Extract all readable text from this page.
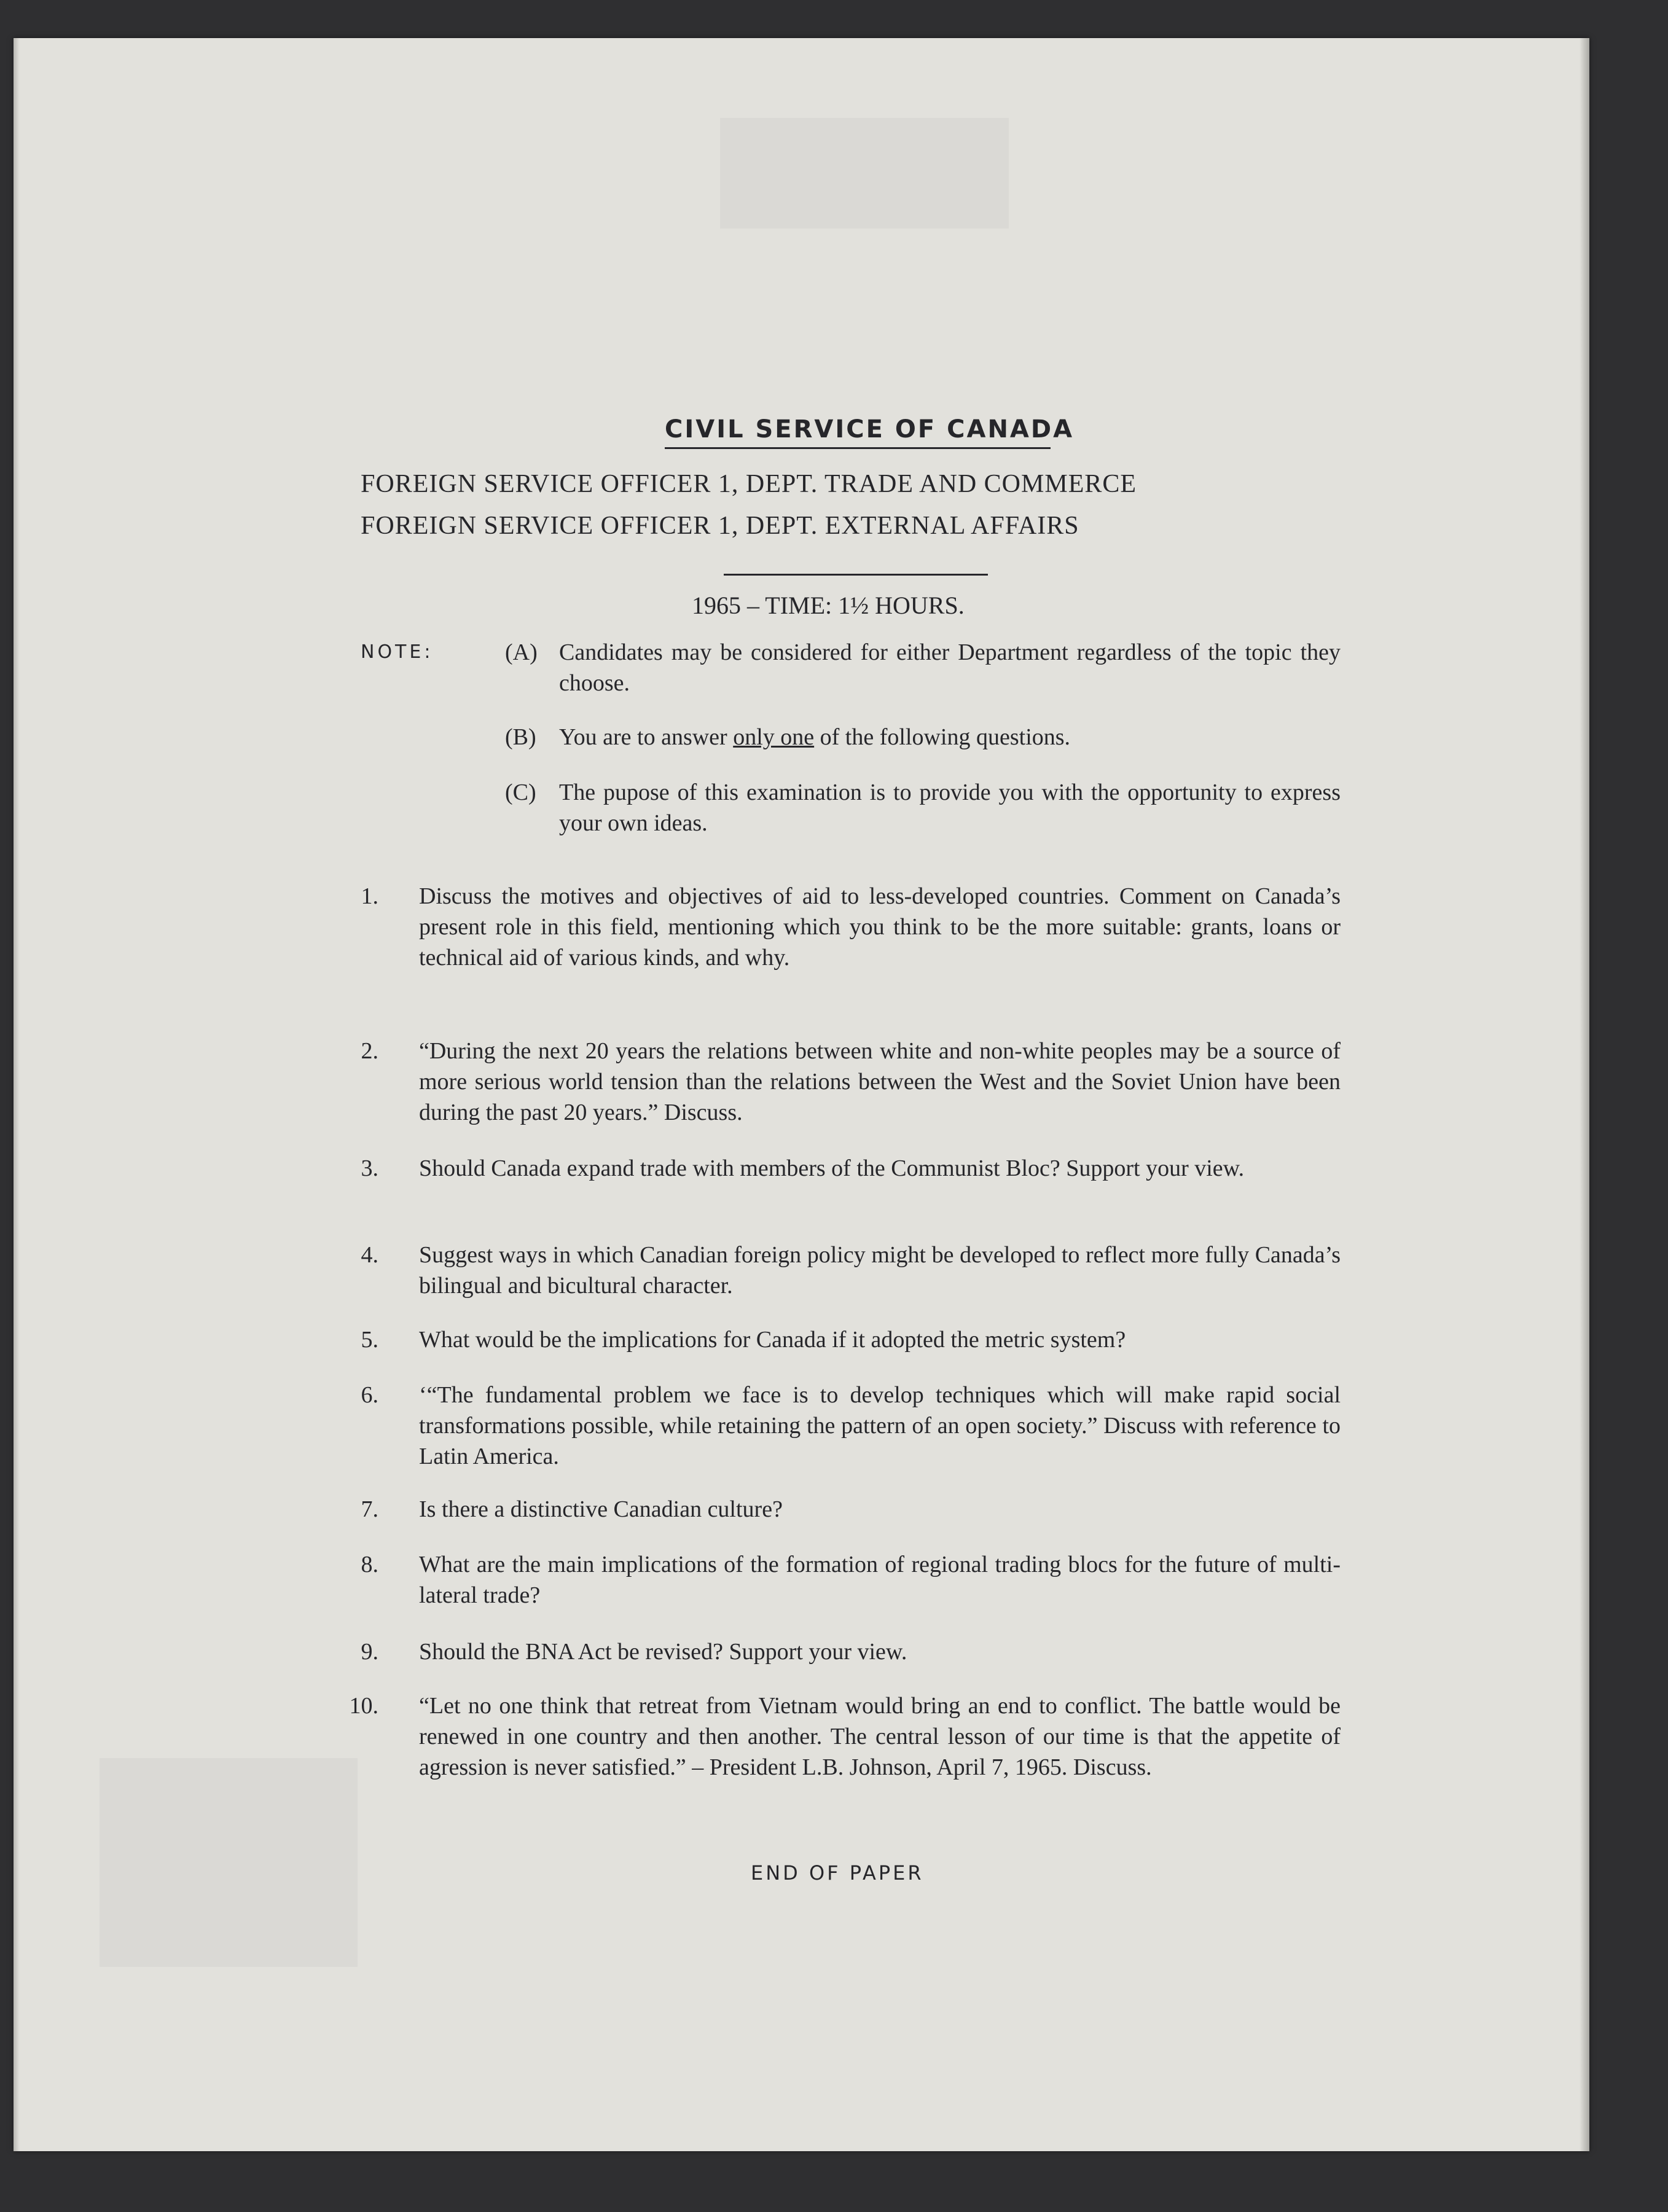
CIVIL SERVICE OF CANADA
FOREIGN SERVICE OFFICER 1, DEPT. TRADE AND COMMERCE
FOREIGN SERVICE OFFICER 1, DEPT. EXTERNAL AFFAIRS
1965 – TIME: 1½ HOURS.
NOTE:	(A) Candidates may be considered for either Department regardless of the topic they choose.
(B) You are to answer only one of the following questions.
(C) The pupose of this examination is to provide you with the opportunity to express your own ideas.
1. Discuss the motives and objectives of aid to less-developed countries. Comment on Canada’s present role in this field, mentioning which you think to be the more suitable: grants, loans or technical aid of various kinds, and why.
2. “During the next 20 years the relations between white and non-white peoples may be a source of more serious world tension than the relations between the West and the Soviet Union have been during the past 20 years.” Discuss.
3. Should Canada expand trade with members of the Communist Bloc? Support your view.
4. Suggest ways in which Canadian foreign policy might be developed to reflect more fully Canada’s bilingual and bicultural character.
5. What would be the implications for Canada if it adopted the metric system?
6. ‘“The fundamental problem we face is to develop techniques which will make rapid social transformations possible, while retaining the pattern of an open society.” Discuss with reference to Latin America.
7. Is there a distinctive Canadian culture?
8. What are the main implications of the formation of regional trading blocs for the future of multi-lateral trade?
9. Should the BNA Act be revised? Support your view.
10. “Let no one think that retreat from Vietnam would bring an end to conflict. The battle would be renewed in one country and then another. The central lesson of our time is that the appetite of agression is never satisfied.” – President L.B. Johnson, April 7, 1965. Discuss.
END OF PAPER
